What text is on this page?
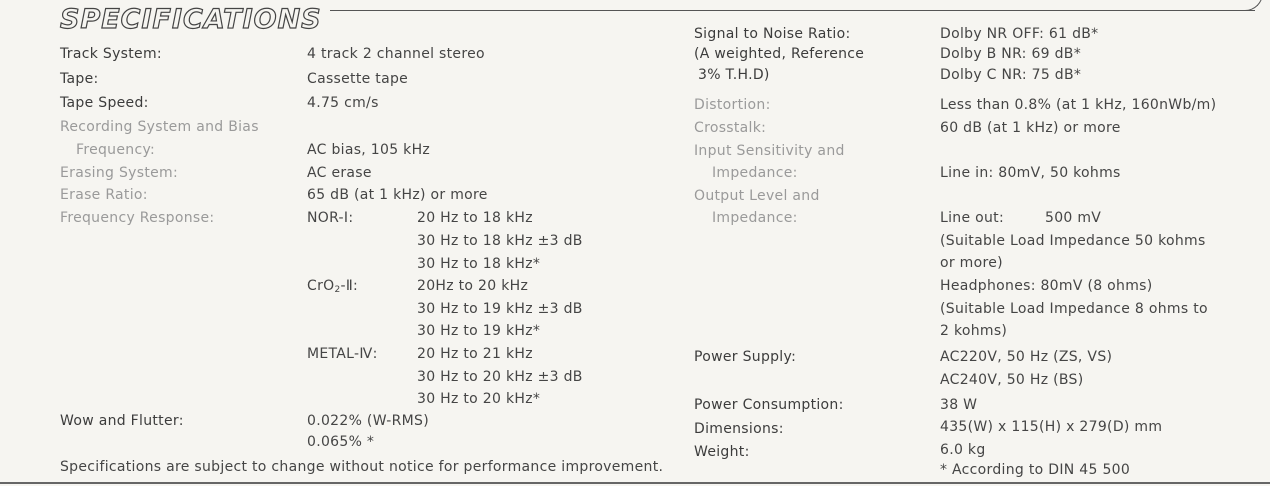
SPECIFICATIONS
Track System:	4 track 2 channel stereo
Tape:	Cassette tape
Tape Speed:	4.75 cm/s
Recording System and Bias
Frequency:	AC bias, 105 kHz
Erasing System:	AC erase
Erase Ratio:	65 dB (at 1 kHz) or more
Frequency Response:	NOR-Ⅰ:	20 Hz to 18 kHz
30 Hz to 18 kHz ±3 dB
30 Hz to 18 kHz*
CrO$_2$-Ⅱ:	20Hz to 20 kHz
30 Hz to 19 kHz ±3 dB
30 Hz to 19 kHz*
METAL-Ⅳ:	20 Hz to 21 kHz
30 Hz to 20 kHz ±3 dB
30 Hz to 20 kHz*
Wow and Flutter:	0.022% (W-RMS)
0.065% *
Specifications are subject to change without notice for performance improvement.
Signal to Noise Ratio:
(A weighted, Reference
3% T.H.D)
Dolby NR OFF: 61 dB*
Dolby B NR: 69 dB*
Dolby C NR: 75 dB*
Distortion:	Less than 0.8% (at 1 kHz, 160nWb/m)
Crosstalk:	60 dB (at 1 kHz) or more
Input Sensitivity and
Impedance:	Line in: 80mV, 50 kohms
Output Level and
Impedance:	Line out:	500 mV
(Suitable Load Impedance 50 kohms
or more)
Headphones: 80mV (8 ohms)
(Suitable Load Impedance 8 ohms to
2 kohms)
Power Supply:	AC220V, 50 Hz (ZS, VS)
AC240V, 50 Hz (BS)
Power Consumption:	38 W
Dimensions:	435(W) x 115(H) x 279(D) mm
Weight:	6.0 kg
* According to DIN 45 500
